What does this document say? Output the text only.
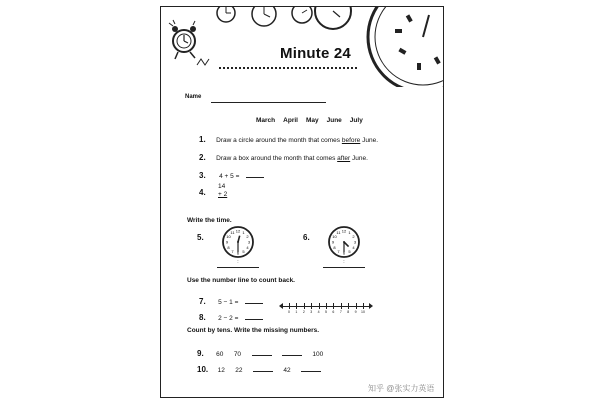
Minute 24
Name
March April May June July
1. Draw a circle around the month that comes before June.
2. Draw a box around the month that comes after June.
3. 4 + 5 =
4.
14
+ 2
Write the time.
5.
1
2
3
4
5
6
7
8
9
10
11 12
:
6.
1
2
3
4
5
6
7
8
9
10
11 12
:
Use the number line to count back.
7. 5 − 1 =
8. 2 − 2 =
0 1 2 3 4 5 6 7 8 9 10
Count by tens. Write the missing numbers.
9. 60 70	100
10. 12 22	42
知乎 @张实力英语
